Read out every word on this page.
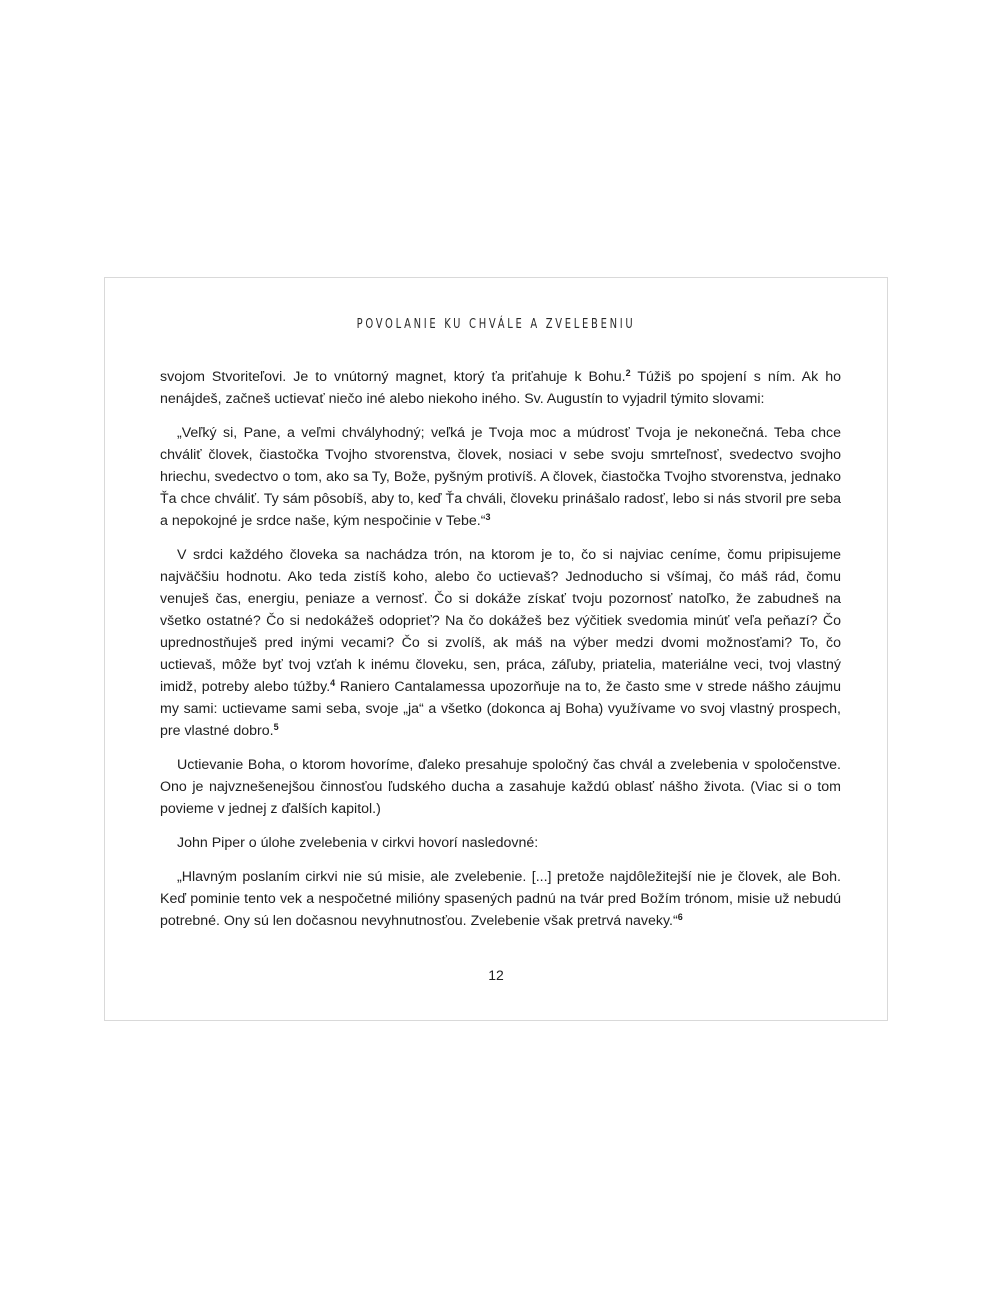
POVOLANIE KU CHVÁLE A ZVELEBENIU

svojom Stvoriteľovi. Je to vnútorný magnet, ktorý ťa priťahuje k Bohu.$^2$ Túžiš po spojení s ním. Ak ho nenájdeš, začneš uctievať niečo iné alebo niekoho iného. Sv. Augustín to vyjadril týmito slovami:

„Veľký si, Pane, a veľmi chvályhodný; veľká je Tvoja moc a múdrosť Tvoja je nekonečná. Teba chce chváliť človek, čiastočka Tvojho stvorenstva, človek, nosiaci v sebe svoju smrteľnosť, svedectvo svojho hriechu, svedectvo o tom, ako sa Ty, Bože, pyšným protivíš. A človek, čiastočka Tvojho stvorenstva, jednako Ťa chce chváliť. Ty sám pôsobíš, aby to, keď Ťa chváli, človeku prinášalo radosť, lebo si nás stvoril pre seba a nepokojné je srdce naše, kým nespočinie v Tebe.“$^3$

V srdci každého človeka sa nachádza trón, na ktorom je to, čo si najviac ceníme, čomu pripisujeme najväčšiu hodnotu. Ako teda zistíš koho, alebo čo uctievaš? Jednoducho si všímaj, čo máš rád, čomu venuješ čas, energiu, peniaze a vernosť. Čo si dokáže získať tvoju pozornosť natoľko, že zabudneš na všetko ostatné? Čo si nedokážeš odoprieť? Na čo dokážeš bez výčitiek svedomia minúť veľa peňazí? Čo uprednostňuješ pred inými vecami? Čo si zvolíš, ak máš na výber medzi dvomi možnosťami? To, čo uctievaš, môže byť tvoj vzťah k inému človeku, sen, práca, záľuby, priatelia, materiálne veci, tvoj vlastný imidž, potreby alebo túžby.$^4$ Raniero Cantalamessa upozorňuje na to, že často sme v strede nášho záujmu my sami: uctievame sami seba, svoje „ja“ a všetko (dokonca aj Boha) využívame vo svoj vlastný prospech, pre vlastné dobro.$^5$

Uctievanie Boha, o ktorom hovoríme, ďaleko presahuje spoločný čas chvál a zvelebenia v spoločenstve. Ono je najvznešenejšou činnosťou ľudského ducha a zasahuje každú oblasť nášho života. (Viac si o tom povieme v jednej z ďalších kapitol.)

John Piper o úlohe zvelebenia v cirkvi hovorí nasledovné:

„Hlavným poslaním cirkvi nie sú misie, ale zvelebenie. [...] pretože najdôležitejší nie je človek, ale Boh. Keď pominie tento vek a nespočetné milióny spasených padnú na tvár pred Božím trónom, misie už nebudú potrebné. Ony sú len dočasnou nevyhnutnosťou. Zvelebenie však pretrvá naveky.“$^6$

12
